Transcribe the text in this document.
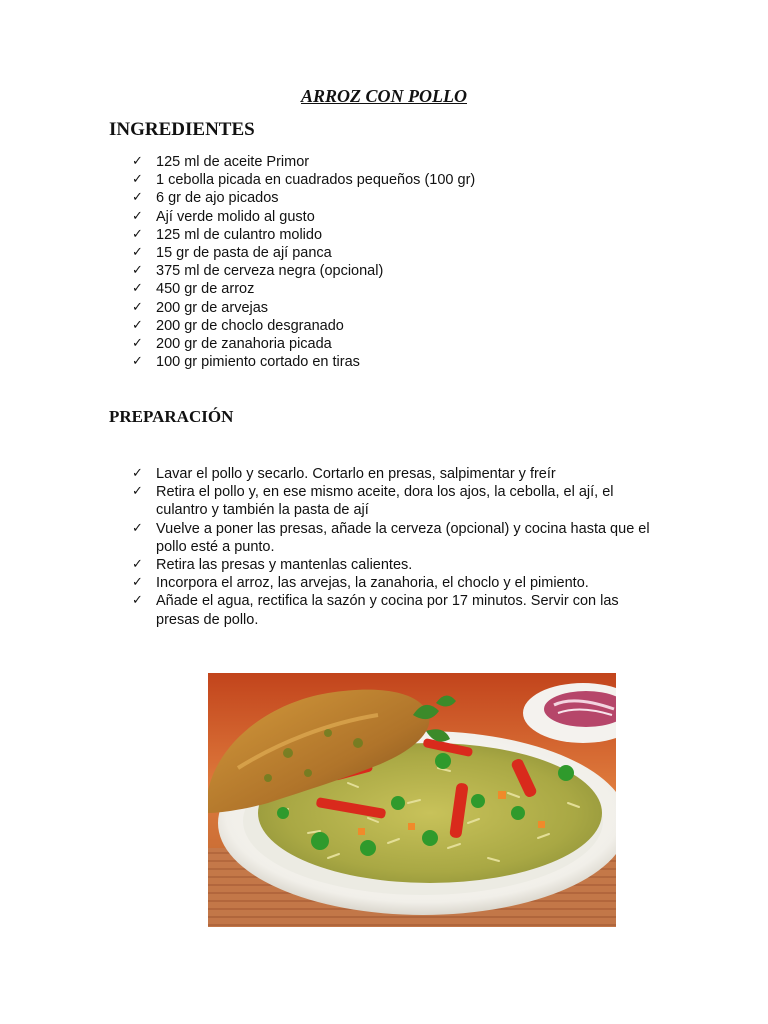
ARROZ CON POLLO
INGREDIENTES
✓ 125 ml de aceite Primor
✓ 1 cebolla picada en cuadrados pequeños (100 gr)
✓ 6 gr de ajo picados
✓ Ají verde molido al gusto
✓ 125 ml de culantro molido
✓ 15 gr de pasta de ají panca
✓ 375 ml de cerveza negra (opcional)
✓ 450 gr de arroz
✓ 200 gr de arvejas
✓ 200 gr de choclo desgranado
✓ 200 gr de zanahoria picada
✓ 100 gr pimiento cortado en tiras
PREPARACIÓN
✓ Lavar el pollo y secarlo. Cortarlo en presas, salpimentar y freír
✓ Retira el pollo y, en ese mismo aceite, dora los ajos, la cebolla, el ají, el culantro y también la pasta de ají
✓ Vuelve a poner las presas, añade la cerveza (opcional) y cocina hasta que el pollo esté a punto.
✓ Retira las presas y mantenlas calientes.
✓ Incorpora el arroz, las arvejas, la zanahoria, el choclo y el pimiento.
✓ Añade el agua, rectifica la sazón y cocina por 17 minutos. Servir con las presas de pollo.
